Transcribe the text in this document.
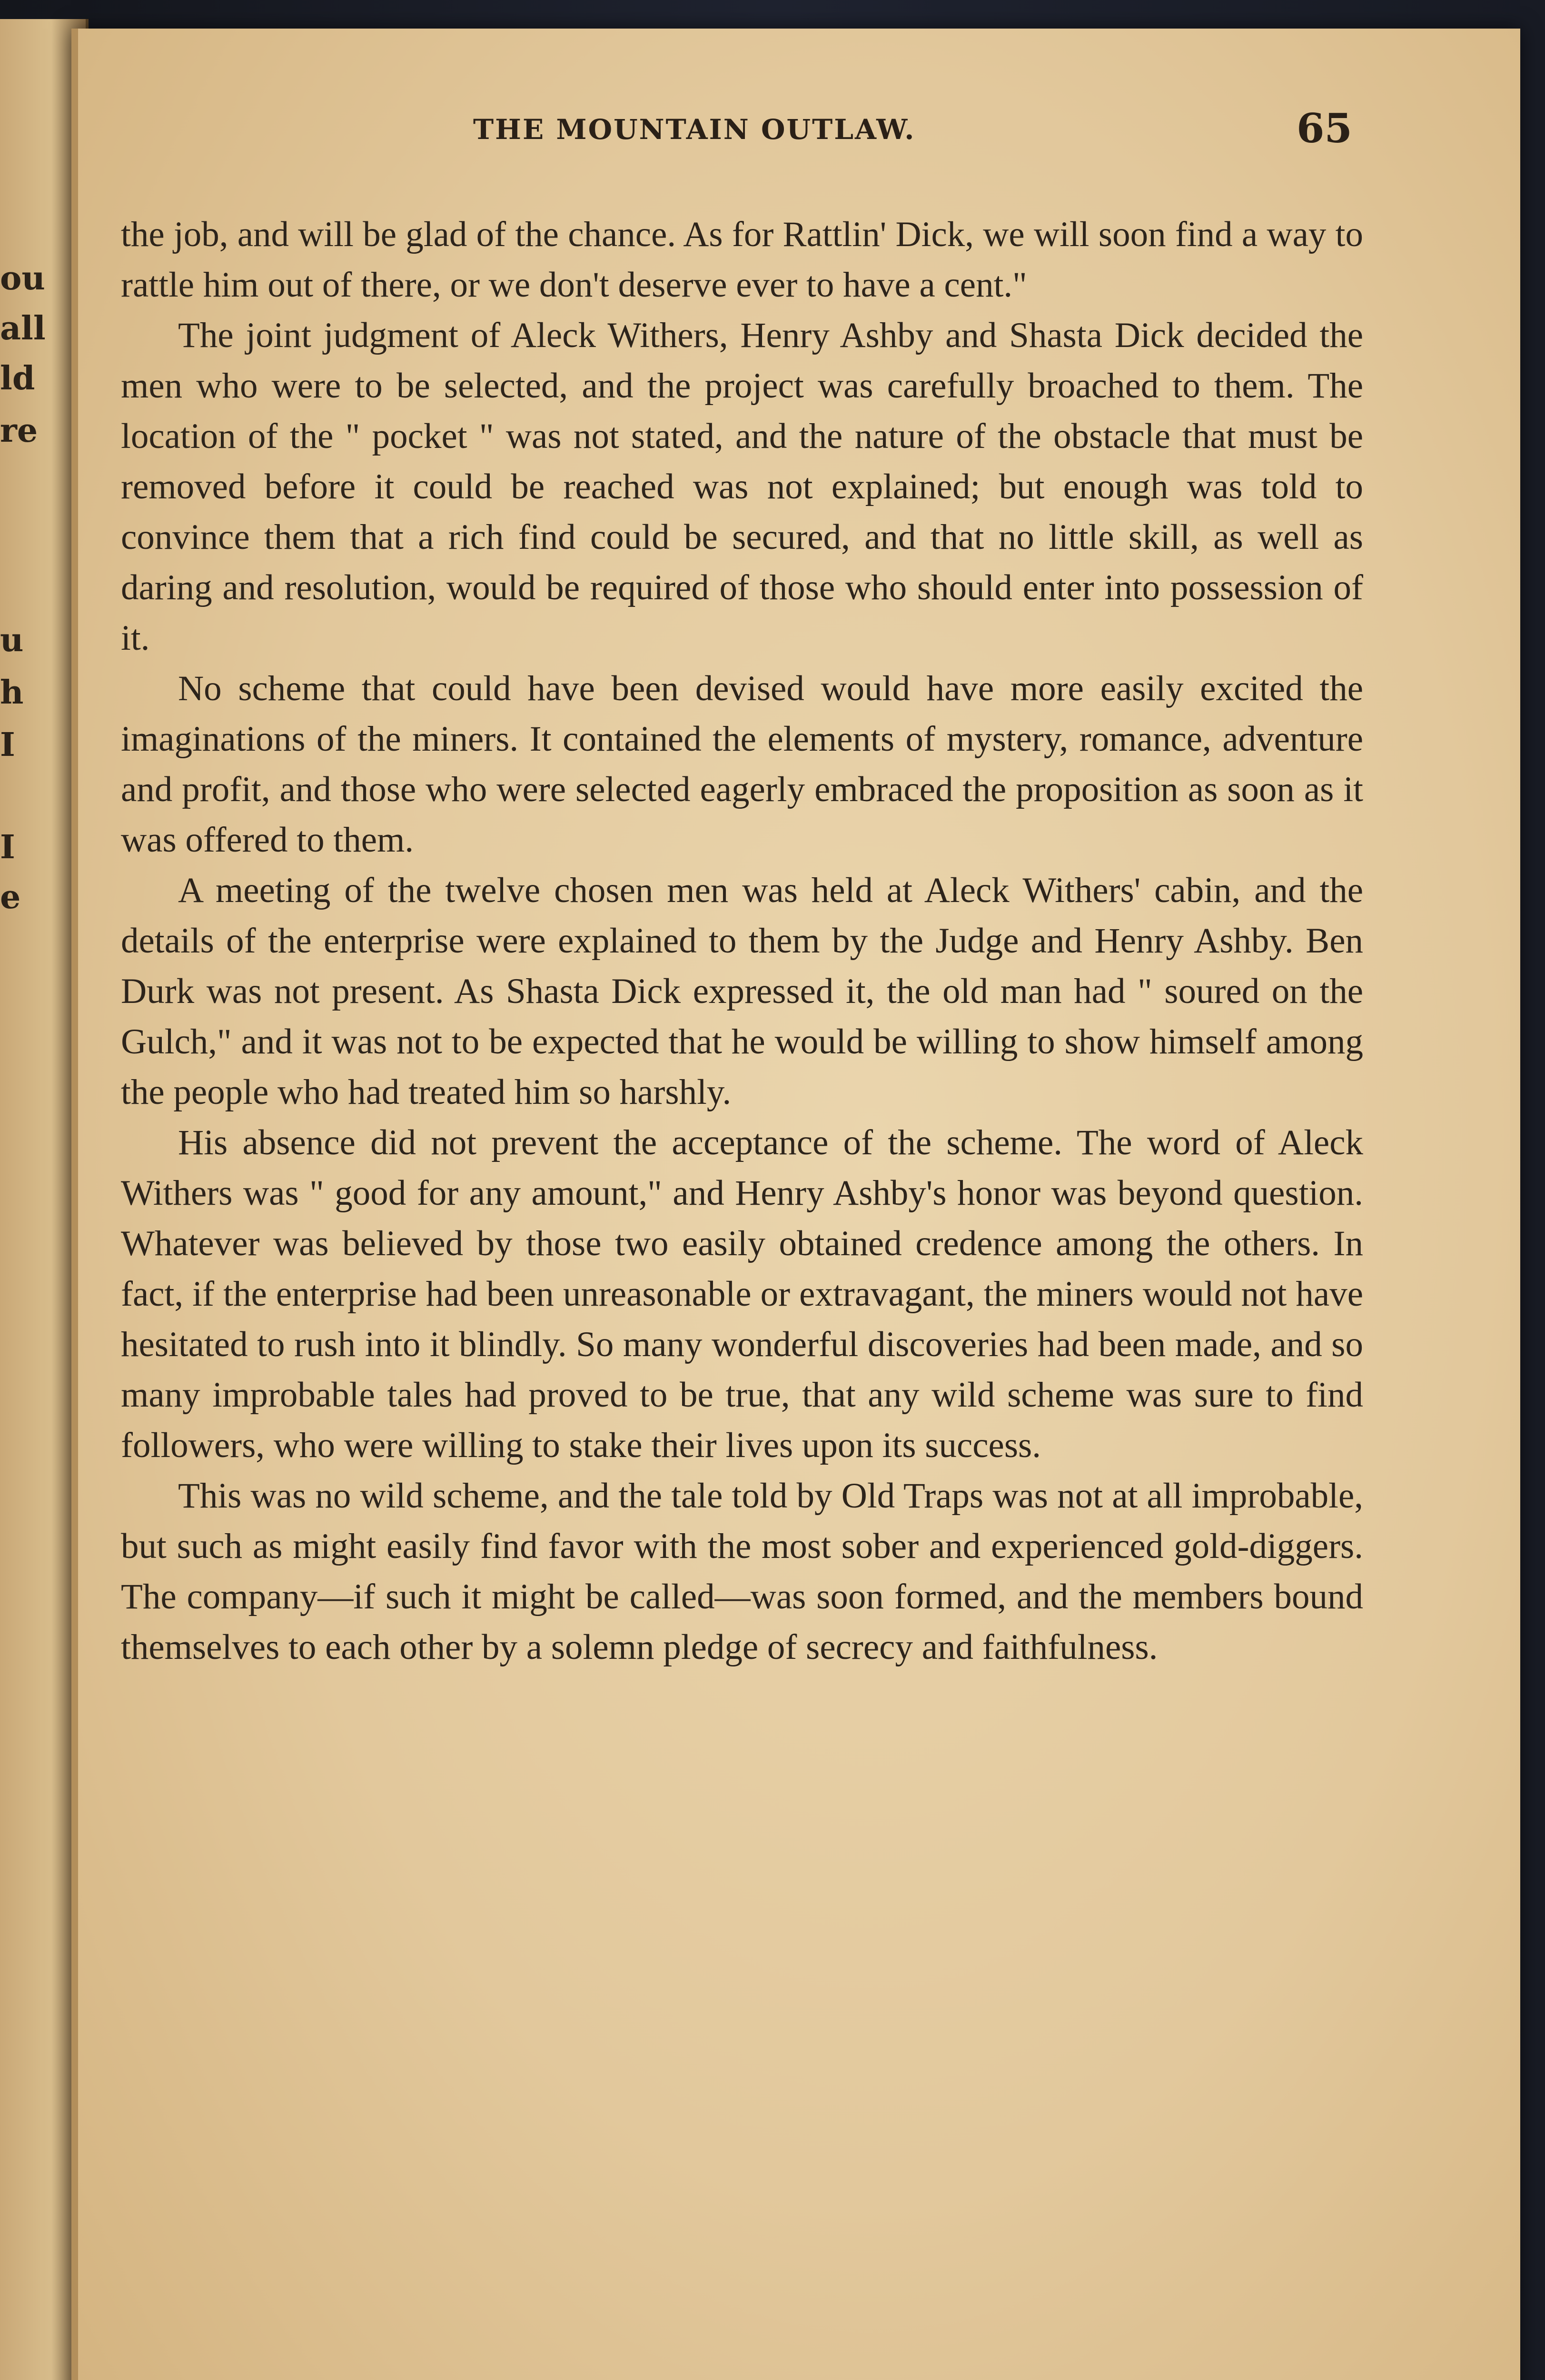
ou
all
ld
re
u
h
I
I
e
THE MOUNTAIN OUTLAW.	65

the job, and will be glad of the chance. As for Rattlin' Dick, we will soon find a way to rattle him out of there, or we don't deserve ever to have a cent."

The joint judgment of Aleck Withers, Henry Ashby and Shasta Dick decided the men who were to be selected, and the project was carefully broached to them. The location of the " pocket " was not stated, and the nature of the obstacle that must be removed before it could be reached was not explained; but enough was told to convince them that a rich find could be secured, and that no little skill, as well as daring and resolution, would be required of those who should enter into possession of it.

No scheme that could have been devised would have more easily excited the imaginations of the miners. It contained the elements of mystery, romance, adventure and profit, and those who were selected eagerly embraced the proposition as soon as it was offered to them.

A meeting of the twelve chosen men was held at Aleck Withers' cabin, and the details of the enterprise were explained to them by the Judge and Henry Ashby. Ben Durk was not present. As Shasta Dick expressed it, the old man had " soured on the Gulch," and it was not to be expected that he would be willing to show himself among the people who had treated him so harshly.

His absence did not prevent the acceptance of the scheme. The word of Aleck Withers was " good for any amount," and Henry Ashby's honor was beyond question. Whatever was believed by those two easily obtained credence among the others. In fact, if the enterprise had been unreasonable or extravagant, the miners would not have hesitated to rush into it blindly. So many wonderful discoveries had been made, and so many improbable tales had proved to be true, that any wild scheme was sure to find followers, who were willing to stake their lives upon its success.

This was no wild scheme, and the tale told by Old Traps was not at all improbable, but such as might easily find favor with the most sober and experienced gold-diggers. The company—if such it might be called—was soon formed, and the members bound themselves to each other by a solemn pledge of secrecy and faithfulness.
